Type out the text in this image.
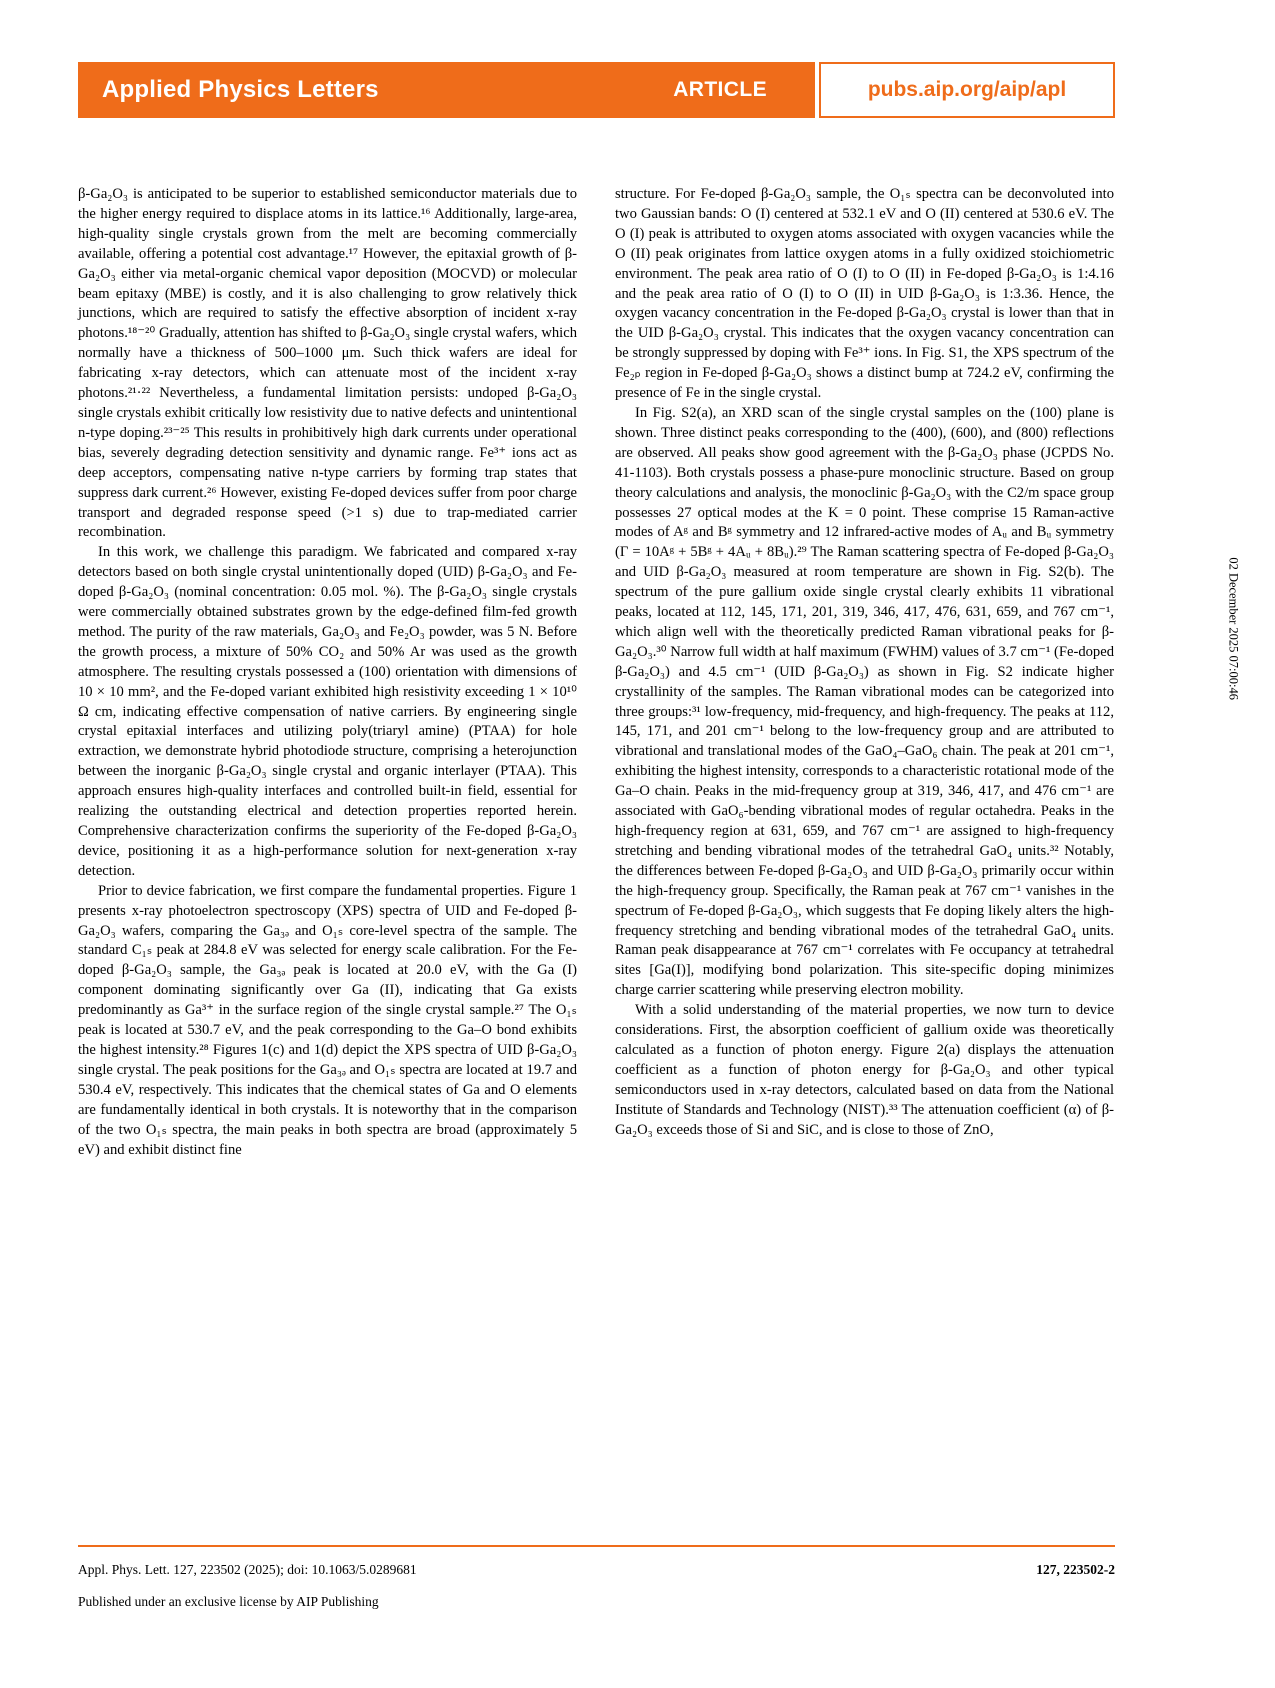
Applied Physics Letters	ARTICLE	pubs.aip.org/aip/apl

β-Ga₂O₃ is anticipated to be superior to established semiconductor materials due to the higher energy required to displace atoms in its lattice.¹⁶ Additionally, large-area, high-quality single crystals grown from the melt are becoming commercially available, offering a potential cost advantage.¹⁷ However, the epitaxial growth of β-Ga₂O₃ either via metal-organic chemical vapor deposition (MOCVD) or molecular beam epitaxy (MBE) is costly, and it is also challenging to grow relatively thick junctions, which are required to satisfy the effective absorption of incident x-ray photons.¹⁸⁻²⁰ Gradually, attention has shifted to β-Ga₂O₃ single crystal wafers, which normally have a thickness of 500–1000 μm. Such thick wafers are ideal for fabricating x-ray detectors, which can attenuate most of the incident x-ray photons.²¹·²² Nevertheless, a fundamental limitation persists: undoped β-Ga₂O₃ single crystals exhibit critically low resistivity due to native defects and unintentional n-type doping.²³⁻²⁵ This results in prohibitively high dark currents under operational bias, severely degrading detection sensitivity and dynamic range. Fe³⁺ ions act as deep acceptors, compensating native n-type carriers by forming trap states that suppress dark current.²⁶ However, existing Fe-doped devices suffer from poor charge transport and degraded response speed (>1 s) due to trap-mediated carrier recombination.

In this work, we challenge this paradigm. We fabricated and compared x-ray detectors based on both single crystal unintentionally doped (UID) β-Ga₂O₃ and Fe-doped β-Ga₂O₃ (nominal concentration: 0.05 mol. %). The β-Ga₂O₃ single crystals were commercially obtained substrates grown by the edge-defined film-fed growth method. The purity of the raw materials, Ga₂O₃ and Fe₂O₃ powder, was 5 N. Before the growth process, a mixture of 50% CO₂ and 50% Ar was used as the growth atmosphere. The resulting crystals possessed a (100) orientation with dimensions of 10 × 10 mm², and the Fe-doped variant exhibited high resistivity exceeding 1 × 10¹⁰ Ω cm, indicating effective compensation of native carriers. By engineering single crystal epitaxial interfaces and utilizing poly(triaryl amine) (PTAA) for hole extraction, we demonstrate hybrid photodiode structure, comprising a heterojunction between the inorganic β-Ga₂O₃ single crystal and organic interlayer (PTAA). This approach ensures high-quality interfaces and controlled built-in field, essential for realizing the outstanding electrical and detection properties reported herein. Comprehensive characterization confirms the superiority of the Fe-doped β-Ga₂O₃ device, positioning it as a high-performance solution for next-generation x-ray detection.

Prior to device fabrication, we first compare the fundamental properties. Figure 1 presents x-ray photoelectron spectroscopy (XPS) spectra of UID and Fe-doped β-Ga₂O₃ wafers, comparing the Ga₃ₔ and O₁ₛ core-level spectra of the sample. The standard C₁ₛ peak at 284.8 eV was selected for energy scale calibration. For the Fe-doped β-Ga₂O₃ sample, the Ga₃ₔ peak is located at 20.0 eV, with the Ga (I) component dominating significantly over Ga (II), indicating that Ga exists predominantly as Ga³⁺ in the surface region of the single crystal sample.²⁷ The O₁ₛ peak is located at 530.7 eV, and the peak corresponding to the Ga–O bond exhibits the highest intensity.²⁸ Figures 1(c) and 1(d) depict the XPS spectra of UID β-Ga₂O₃ single crystal. The peak positions for the Ga₃ₔ and O₁ₛ spectra are located at 19.7 and 530.4 eV, respectively. This indicates that the chemical states of Ga and O elements are fundamentally identical in both crystals. It is noteworthy that in the comparison of the two O₁ₛ spectra, the main peaks in both spectra are broad (approximately 5 eV) and exhibit distinct fine

structure. For Fe-doped β-Ga₂O₃ sample, the O₁ₛ spectra can be deconvoluted into two Gaussian bands: O (I) centered at 532.1 eV and O (II) centered at 530.6 eV. The O (I) peak is attributed to oxygen atoms associated with oxygen vacancies while the O (II) peak originates from lattice oxygen atoms in a fully oxidized stoichiometric environment. The peak area ratio of O (I) to O (II) in Fe-doped β-Ga₂O₃ is 1:4.16 and the peak area ratio of O (I) to O (II) in UID β-Ga₂O₃ is 1:3.36. Hence, the oxygen vacancy concentration in the Fe-doped β-Ga₂O₃ crystal is lower than that in the UID β-Ga₂O₃ crystal. This indicates that the oxygen vacancy concentration can be strongly suppressed by doping with Fe³⁺ ions. In Fig. S1, the XPS spectrum of the Fe₂ₚ region in Fe-doped β-Ga₂O₃ shows a distinct bump at 724.2 eV, confirming the presence of Fe in the single crystal.

In Fig. S2(a), an XRD scan of the single crystal samples on the (100) plane is shown. Three distinct peaks corresponding to the (400), (600), and (800) reflections are observed. All peaks show good agreement with the β-Ga₂O₃ phase (JCPDS No. 41-1103). Both crystals possess a phase-pure monoclinic structure. Based on group theory calculations and analysis, the monoclinic β-Ga₂O₃ with the C2/m space group possesses 27 optical modes at the K = 0 point. These comprise 15 Raman-active modes of Aᵍ and Bᵍ symmetry and 12 infrared-active modes of Aᵤ and Bᵤ symmetry (Γ = 10Aᵍ + 5Bᵍ + 4Aᵤ + 8Bᵤ).²⁹ The Raman scattering spectra of Fe-doped β-Ga₂O₃ and UID β-Ga₂O₃ measured at room temperature are shown in Fig. S2(b). The spectrum of the pure gallium oxide single crystal clearly exhibits 11 vibrational peaks, located at 112, 145, 171, 201, 319, 346, 417, 476, 631, 659, and 767 cm⁻¹, which align well with the theoretically predicted Raman vibrational peaks for β-Ga₂O₃.³⁰ Narrow full width at half maximum (FWHM) values of 3.7 cm⁻¹ (Fe-doped β-Ga₂O₃) and 4.5 cm⁻¹ (UID β-Ga₂O₃) as shown in Fig. S2 indicate higher crystallinity of the samples. The Raman vibrational modes can be categorized into three groups:³¹ low-frequency, mid-frequency, and high-frequency. The peaks at 112, 145, 171, and 201 cm⁻¹ belong to the low-frequency group and are attributed to vibrational and translational modes of the GaO₄–GaO₆ chain. The peak at 201 cm⁻¹, exhibiting the highest intensity, corresponds to a characteristic rotational mode of the Ga–O chain. Peaks in the mid-frequency group at 319, 346, 417, and 476 cm⁻¹ are associated with GaO₆-bending vibrational modes of regular octahedra. Peaks in the high-frequency region at 631, 659, and 767 cm⁻¹ are assigned to high-frequency stretching and bending vibrational modes of the tetrahedral GaO₄ units.³² Notably, the differences between Fe-doped β-Ga₂O₃ and UID β-Ga₂O₃ primarily occur within the high-frequency group. Specifically, the Raman peak at 767 cm⁻¹ vanishes in the spectrum of Fe-doped β-Ga₂O₃, which suggests that Fe doping likely alters the high-frequency stretching and bending vibrational modes of the tetrahedral GaO₄ units. Raman peak disappearance at 767 cm⁻¹ correlates with Fe occupancy at tetrahedral sites [Ga(I)], modifying bond polarization. This site-specific doping minimizes charge carrier scattering while preserving electron mobility.

With a solid understanding of the material properties, we now turn to device considerations. First, the absorption coefficient of gallium oxide was theoretically calculated as a function of photon energy. Figure 2(a) displays the attenuation coefficient as a function of photon energy for β-Ga₂O₃ and other typical semiconductors used in x-ray detectors, calculated based on data from the National Institute of Standards and Technology (NIST).³³ The attenuation coefficient (α) of β-Ga₂O₃ exceeds those of Si and SiC, and is close to those of ZnO,

02 December 2025 07:00:46
Appl. Phys. Lett. 127, 223502 (2025); doi: 10.1063/5.0289681	127, 223502-2
Published under an exclusive license by AIP Publishing
